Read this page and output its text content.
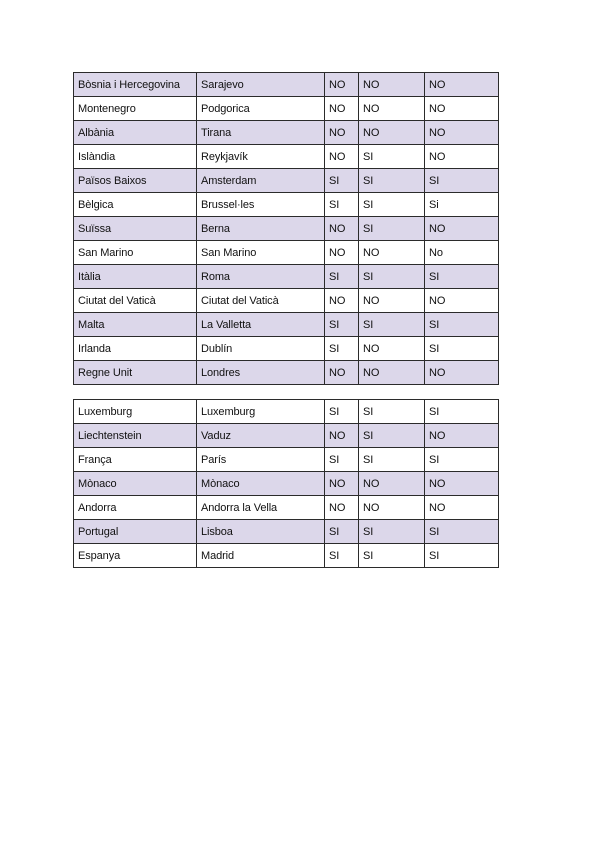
Bòsnia i Hercegovina	Sarajevo	NO	NO	NO
Montenegro	Podgorica	NO	NO	NO
Albània	Tirana	NO	NO	NO
Islàndia	Reykjavík	NO	SI	NO
Països Baixos	Amsterdam	SI	SI	SI
Bèlgica	Brussel·les	SI	SI	Si
Suïssa	Berna	NO	SI	NO
San Marino	San Marino	NO	NO	No
Itàlia	Roma	SI	SI	SI
Ciutat del Vaticà	Ciutat del Vaticà	NO	NO	NO
Malta	La Valletta	SI	SI	SI
Irlanda	Dublín	SI	NO	SI
Regne Unit	Londres	NO	NO	NO
Luxemburg	Luxemburg	SI	SI	SI
Liechtenstein	Vaduz	NO	SI	NO
França	París	SI	SI	SI
Mònaco	Mònaco	NO	NO	NO
Andorra	Andorra la Vella	NO	NO	NO
Portugal	Lisboa	SI	SI	SI
Espanya	Madrid	SI	SI	SI
